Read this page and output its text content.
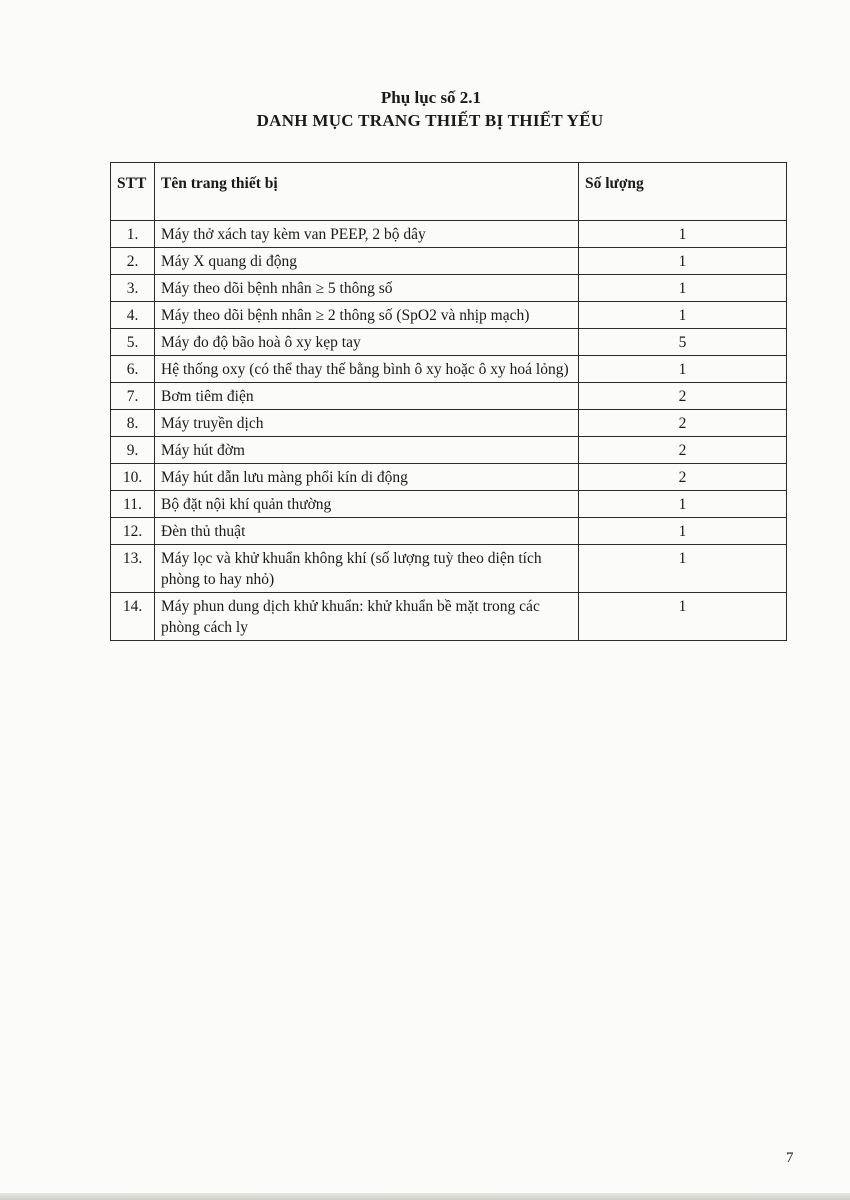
Phụ lục số 2.1
DANH MỤC TRANG THIẾT BỊ THIẾT YẾU
STT	Tên trang thiết bị	Số lượng
1.	Máy thở xách tay kèm van PEEP, 2 bộ dây	1
2.	Máy X quang di động	1
3.	Máy theo dõi bệnh nhân ≥ 5 thông số	1
4.	Máy theo dõi bệnh nhân ≥ 2 thông số (SpO2 và nhịp mạch)	1
5.	Máy đo độ bão hoà ô xy kẹp tay	5
6.	Hệ thống oxy (có thể thay thế bằng bình ô xy hoặc ô xy hoá lỏng)	1
7.	Bơm tiêm điện	2
8.	Máy truyền dịch	2
9.	Máy hút đờm	2
10.	Máy hút dẫn lưu màng phổi kín di động	2
11.	Bộ đặt nội khí quản thường	1
12.	Đèn thủ thuật	1
13.	Máy lọc và khử khuẩn không khí (số lượng tuỳ theo diện tích phòng to hay nhỏ)	1
14.	Máy phun dung dịch khử khuẩn: khử khuẩn bề mặt trong các phòng cách ly	1
7
